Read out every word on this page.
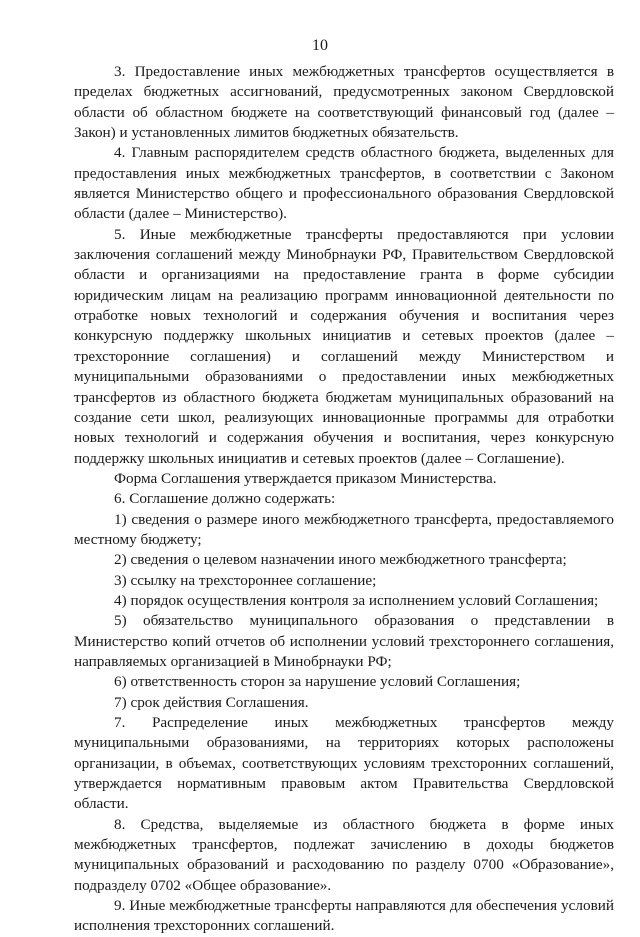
10

3. Предоставление иных межбюджетных трансфертов осуществляется в пределах бюджетных ассигнований, предусмотренных законом Свердловской области об областном бюджете на соответствующий финансовый год (далее – Закон) и установленных лимитов бюджетных обязательств.

4. Главным распорядителем средств областного бюджета, выделенных для предоставления иных межбюджетных трансфертов, в соответствии с Законом является Министерство общего и профессионального образования Свердловской области (далее – Министерство).

5. Иные межбюджетные трансферты предоставляются при условии заключения соглашений между Минобрнауки РФ, Правительством Свердловской области и организациями на предоставление гранта в форме субсидии юридическим лицам на реализацию программ инновационной деятельности по отработке новых технологий и содержания обучения и воспитания через конкурсную поддержку школьных инициатив и сетевых проектов (далее – трехсторонние соглашения) и соглашений между Министерством и муниципальными образованиями о предоставлении иных межбюджетных трансфертов из областного бюджета бюджетам муниципальных образований на создание сети школ, реализующих инновационные программы для отработки новых технологий и содержания обучения и воспитания, через конкурсную поддержку школьных инициатив и сетевых проектов (далее – Соглашение).

Форма Соглашения утверждается приказом Министерства.

6. Соглашение должно содержать:

1) сведения о размере иного межбюджетного трансферта, предоставляемого местному бюджету;

2) сведения о целевом назначении иного межбюджетного трансферта;

3) ссылку на трехстороннее соглашение;

4) порядок осуществления контроля за исполнением условий Соглашения;

5) обязательство муниципального образования о представлении в Министерство копий отчетов об исполнении условий трехстороннего соглашения, направляемых организацией в Минобрнауки РФ;

6) ответственность сторон за нарушение условий Соглашения;

7) срок действия Соглашения.

7. Распределение иных межбюджетных трансфертов между муниципальными образованиями, на территориях которых расположены организации, в объемах, соответствующих условиям трехсторонних соглашений, утверждается нормативным правовым актом Правительства Свердловской области.

8. Средства, выделяемые из областного бюджета в форме иных межбюджетных трансфертов, подлежат зачислению в доходы бюджетов муниципальных образований и расходованию по разделу 0700 «Образование», подразделу 0702 «Общее образование».

9. Иные межбюджетные трансферты направляются для обеспечения условий исполнения трехсторонних соглашений.
